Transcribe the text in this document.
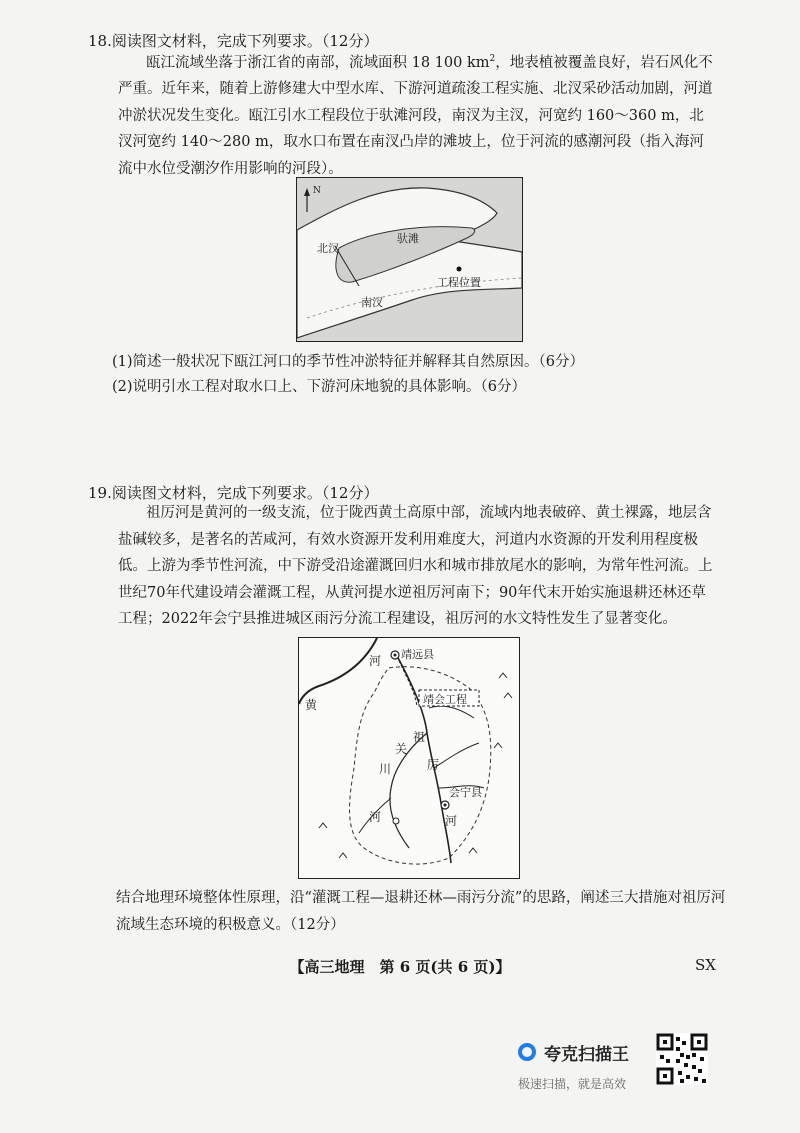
18.阅读图文材料，完成下列要求。（12分）
瓯江流域坐落于浙江省的南部，流域面积 18 100 $km^2$，地表植被覆盖良好，岩石风化不严重。近年来，随着上游修建大中型水库、下游河道疏浚工程实施、北汊采砂活动加剧，河道冲淤状况发生变化。瓯江引水工程段位于驮滩河段，南汊为主汊，河宽约 160～360 m，北汊河宽约 140～280 m，取水口布置在南汊凸岸的滩坡上，位于河流的感潮河段（指入海河流中水位受潮汐作用影响的河段）。
N
北汊
驮滩
南汊
工程位置
(1)简述一般状况下瓯江河口的季节性冲淤特征并解释其自然原因。（6分）
(2)说明引水工程对取水口上、下游河床地貌的具体影响。（6分）
19.阅读图文材料，完成下列要求。（12分）
祖厉河是黄河的一级支流，位于陇西黄土高原中部，流域内地表破碎、黄土裸露，地层含盐碱较多，是著名的苦咸河，有效水资源开发利用难度大，河道内水资源的开发利用程度极低。上游为季节性河流，中下游受沿途灌溉回归水和城市排放尾水的影响，为常年性河流。上世纪70年代建设靖会灌溉工程，从黄河提水逆祖厉河南下；90年代末开始实施退耕还林还草工程；2022年会宁县推进城区雨污分流工程建设，祖厉河的水文特性发生了显著变化。
河
黄
靖远县
靖会工程
祖
关
厉
川
会宁县
河	河
结合地理环境整体性原理，沿“灌溉工程—退耕还林—雨污分流”的思路，阐述三大措施对祖厉河流域生态环境的积极意义。（12分）
【高三地理　第 6 页(共 6 页)】	SX
夸克扫描王
极速扫描，就是高效
